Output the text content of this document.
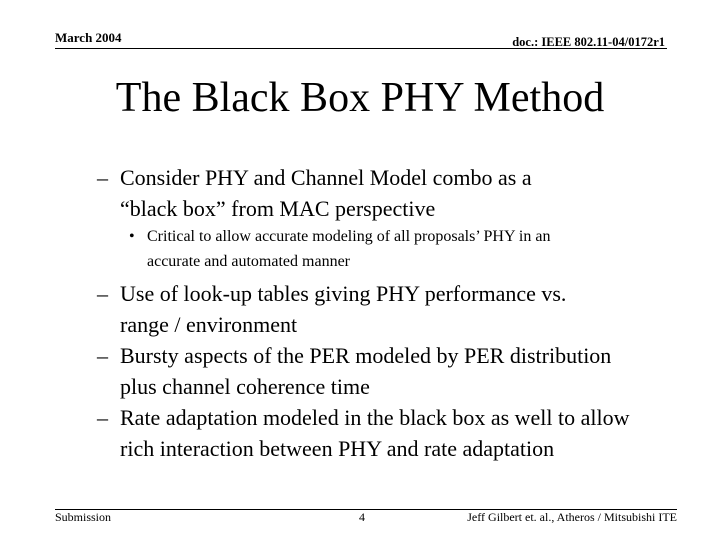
March 2004	doc.: IEEE 802.11-04/0172r1
The Black Box PHY Method
– Consider PHY and Channel Model combo as a
“black box” from MAC perspective
• Critical to allow accurate modeling of all proposals’ PHY in an
accurate and automated manner
– Use of look-up tables giving PHY performance vs.
range / environment
– Bursty aspects of the PER modeled by PER distribution
plus channel coherence time
– Rate adaptation modeled in the black box as well to allow
rich interaction between PHY and rate adaptation
Submission	4	Jeff Gilbert et. al., Atheros / Mitsubishi ITE
